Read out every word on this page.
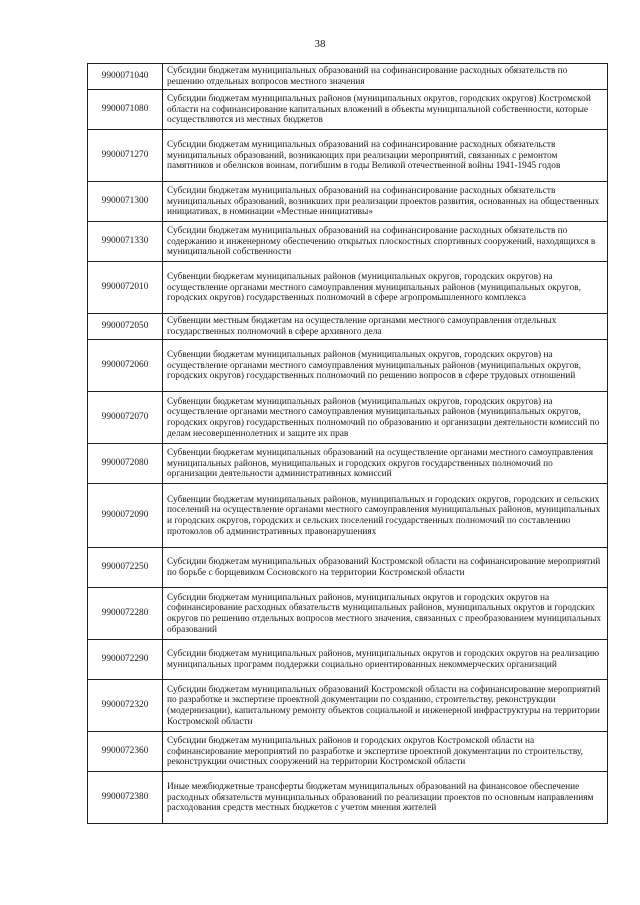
38
9900071040	Субсидии бюджетам муниципальных образований на софинансирование расходных обязательств по решению отдельных вопросов местного значения
9900071080	Субсидии бюджетам муниципальных районов (муниципальных округов, городских округов) Костромской области на софинансирование капитальных вложений в объекты муниципальной собственности, которые осуществляются из местных бюджетов
9900071270	Субсидии бюджетам муниципальных образований на софинансирование расходных обязательств муниципальных образований, возникающих при реализации мероприятий, связанных с ремонтом памятников и обелисков воинам, погибшим в годы Великой отечественной войны 1941-1945 годов
9900071300	Субсидии бюджетам муниципальных образований на софинансирование расходных обязательств муниципальных образований, возникших при реализации проектов развития, основанных на общественных инициативах, в номинации «Местные инициативы»
9900071330	Субсидии бюджетам муниципальных образований на софинансирование расходных обязательств по содержанию и инженерному обеспечению открытых плоскостных спортивных сооружений, находящихся в муниципальной собственности
9900072010	Субвенции бюджетам муниципальных районов (муниципальных округов, городских округов) на осуществление органами местного самоуправления муниципальных районов (муниципальных округов, городских округов) государственных полномочий в сфере агропромышленного комплекса
9900072050	Субвенции местным бюджетам на осуществление органами местного самоуправления отдельных государственных полномочий в сфере архивного дела
9900072060	Субвенции бюджетам муниципальных районов (муниципальных округов, городских округов) на осуществление органами местного самоуправления муниципальных районов (муниципальных округов, городских округов) государственных полномочий по решению вопросов в сфере трудовых отношений
9900072070	Субвенции бюджетам муниципальных районов (муниципальных округов, городских округов) на осуществление органами местного самоуправления муниципальных районов (муниципальных округов, городских округов) государственных полномочий по образованию и организации деятельности комиссий по делам несовершеннолетних и защите их прав
9900072080	Субвенции бюджетам муниципальных образований на осуществление органами местного самоуправления муниципальных районов, муниципальных и городских округов государственных полномочий по организации деятельности административных комиссий
9900072090	Субвенции бюджетам муниципальных районов, муниципальных и городских округов, городских и сельских поселений на осуществление органами местного самоуправления муниципальных районов, муниципальных и городских округов, городских и сельских поселений государственных полномочий по составлению протоколов об административных правонарушениях
9900072250	Субсидии бюджетам муниципальных образований Костромской области на софинансирование мероприятий по борьбе с борщевиком Сосновского на территории Костромской области
9900072280	Субсидии бюджетам муниципальных районов, муниципальных округов и городских округов на софинансирование расходных обязательств муниципальных районов, муниципальных округов и городских округов по решению отдельных вопросов местного значения, связанных с преобразованием муниципальных образований
9900072290	Субсидии бюджетам муниципальных районов, муниципальных округов и городских округов на реализацию муниципальных программ поддержки социально ориентированных некоммерческих организаций
9900072320	Субсидии бюджетам муниципальных образований Костромской области на софинансирование мероприятий по разработке и экспертизе проектной документации по созданию, строительству, реконструкции (модернизации), капитальному ремонту объектов социальной и инженерной инфраструктуры на территории Костромской области
9900072360	Субсидии бюджетам муниципальных районов и городских округов Костромской области на софинансирование мероприятий по разработке и экспертизе проектной документации по строительству, реконструкции очистных сооружений на территории Костромской области
9900072380	Иные межбюджетные трансферты бюджетам муниципальных образований на финансовое обеспечение расходных обязательств муниципальных образований по реализации проектов по основным направлениям расходования средств местных бюджетов с учетом мнения жителей
